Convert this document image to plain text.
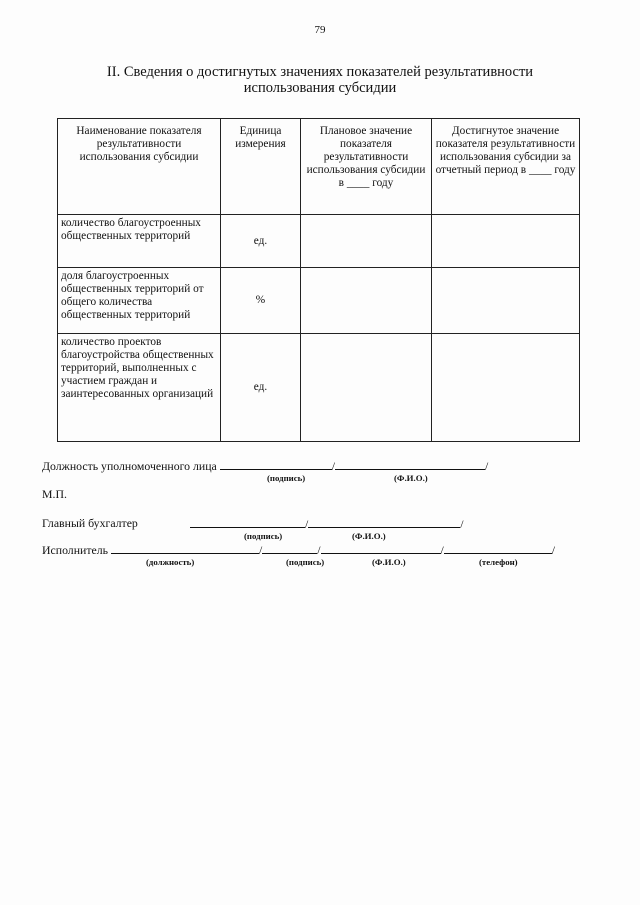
79
II. Сведения о достигнутых значениях показателей результативности
использования субсидии
Наименование показателя результативности использования субсидии	Единица измерения	Плановое значение показателя результативности использования субсидии в ____ году	Достигнутое значение показателя результативности использования субсидии за отчетный период в ____ году
количество благоустроенных общественных территорий	ед.		
доля благоустроенных общественных территорий от общего количества общественных территорий	%		
количество проектов благоустройства общественных территорий, выполненных с участием граждан и заинтересованных организаций	ед.		
Должность уполномоченного лица	/	/
(подпись)	(Ф.И.О.)
М.П.
Главный бухгалтер	/	/
(подпись)	(Ф.И.О.)
Исполнитель	/	/	/	/
(должность)	(подпись)	(Ф.И.О.)	(телефон)
